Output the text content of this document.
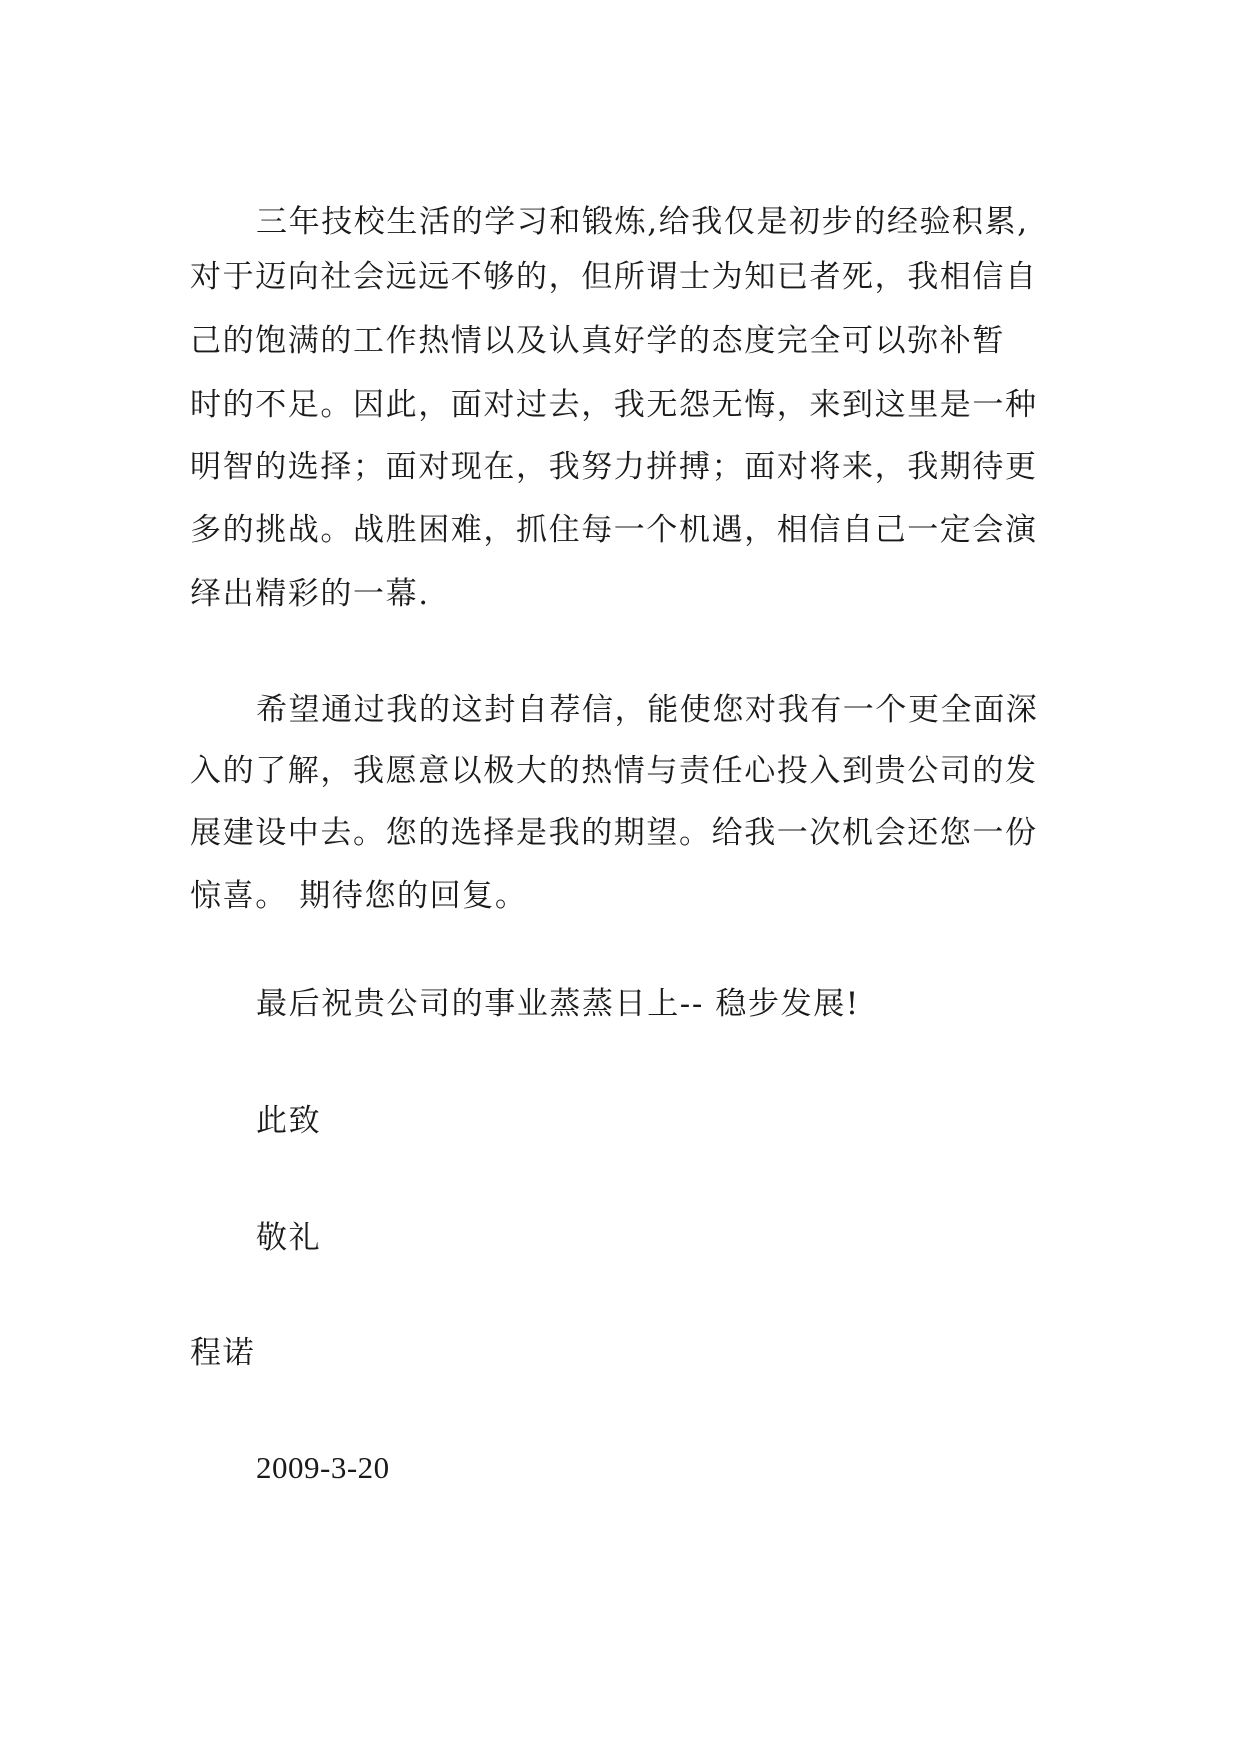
三年技校生活的学习和锻炼,给我仅是初步的经验积累,
对于迈向社会远远不够的，但所谓士为知已者死，我相信自
己的饱满的工作热情以及认真好学的态度完全可以弥补暂
时的不足。因此，面对过去，我无怨无悔，来到这里是一种
明智的选择；面对现在，我努力拼搏；面对将来，我期待更
多的挑战。战胜困难，抓住每一个机遇，相信自己一定会演
绎出精彩的一幕.
希望通过我的这封自荐信，能使您对我有一个更全面深
入的了解，我愿意以极大的热情与责任心投入到贵公司的发
展建设中去。您的选择是我的期望。给我一次机会还您一份
惊喜。 期待您的回复。
最后祝贵公司的事业蒸蒸日上-- 稳步发展!
此致
敬礼
程诺
2009-3-20
